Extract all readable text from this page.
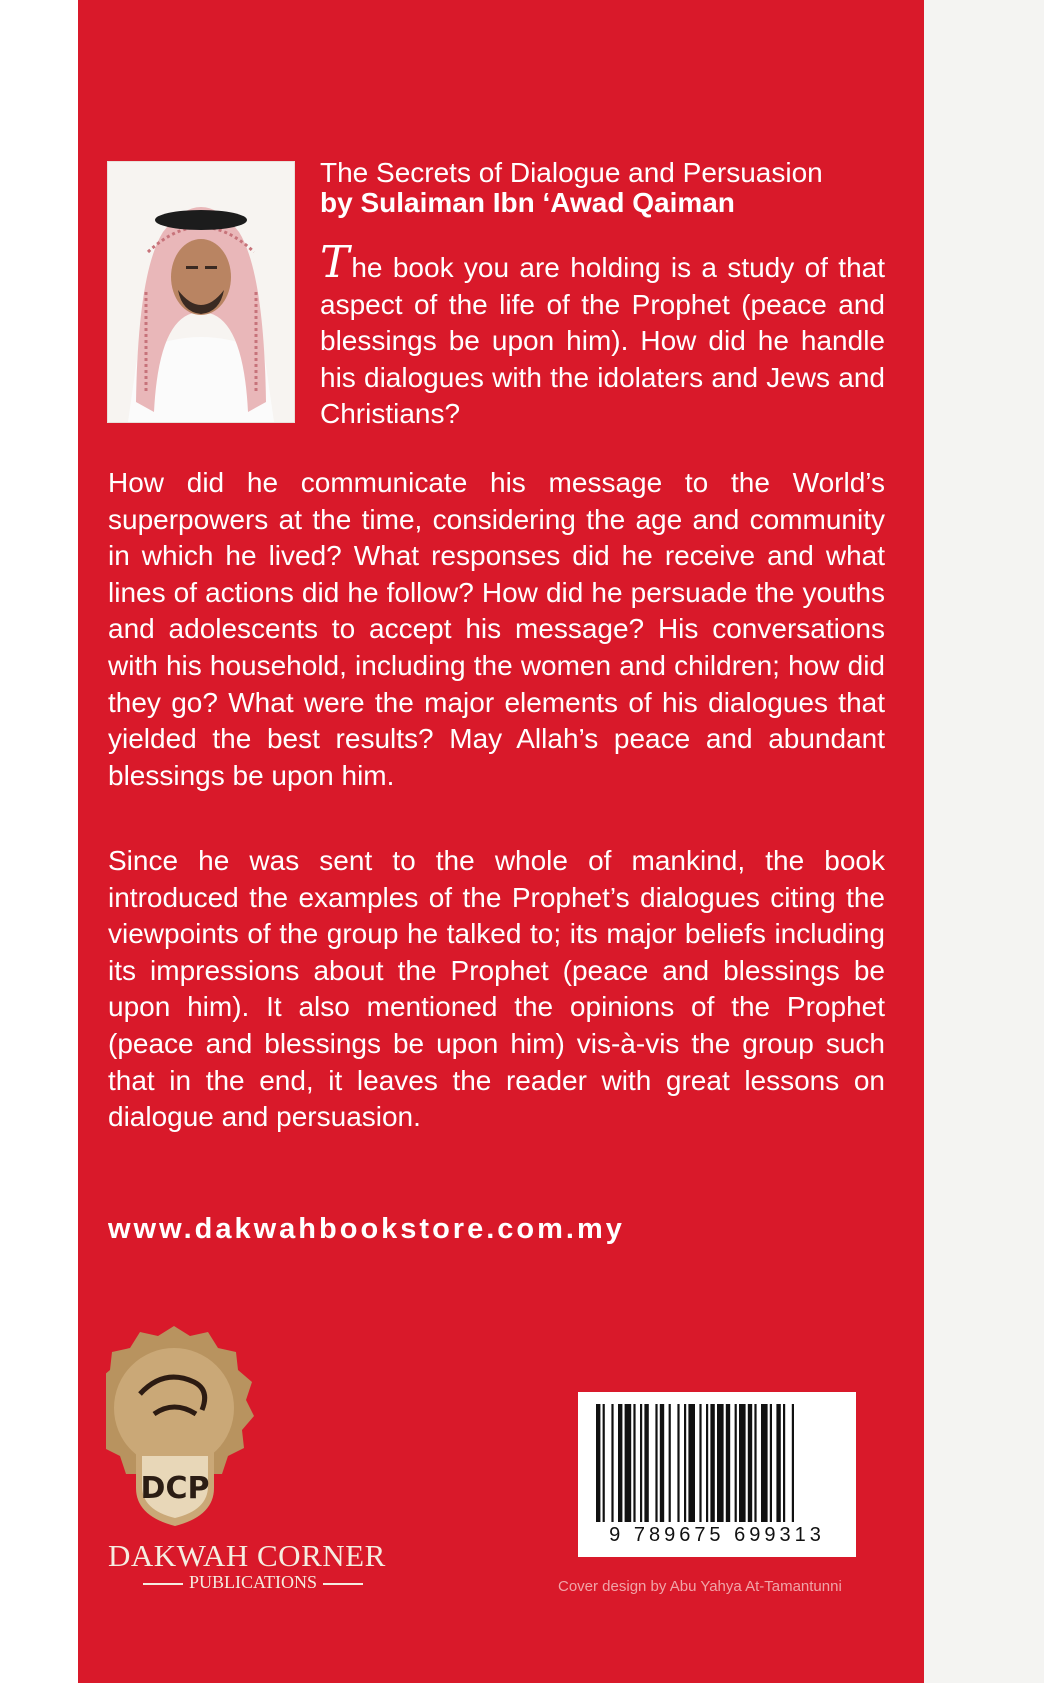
The Secrets of Dialogue and Persuasion
by Sulaiman Ibn ‘Awad Qaiman

The book you are holding is a study of that aspect of the life of the Prophet (peace and blessings be upon him). How did he handle his dialogues with the idolaters and Jews and Christians?

How did he communicate his message to the World’s superpowers at the time, considering the age and community in which he lived? What responses did he receive and what lines of actions did he follow? How did he persuade the youths and adolescents to accept his message? His conversations with his household, including the women and children; how did they go? What were the major elements of his dialogues that yielded the best results? May Allah’s peace and abundant blessings be upon him.

Since he was sent to the whole of mankind, the book introduced the examples of the Prophet’s dialogues citing the viewpoints of the group he talked to; its major beliefs including its impressions about the Prophet (peace and blessings be upon him). It also mentioned the opinions of the Prophet (peace and blessings be upon him) vis-à-vis the group such that in the end, it leaves the reader with great lessons on dialogue and persuasion.

www.dakwahbookstore.com.my
DCP
DAKWAH CORNER
PUBLICATIONS
9 789675 699313
Cover design by Abu Yahya At-Tamantunni
